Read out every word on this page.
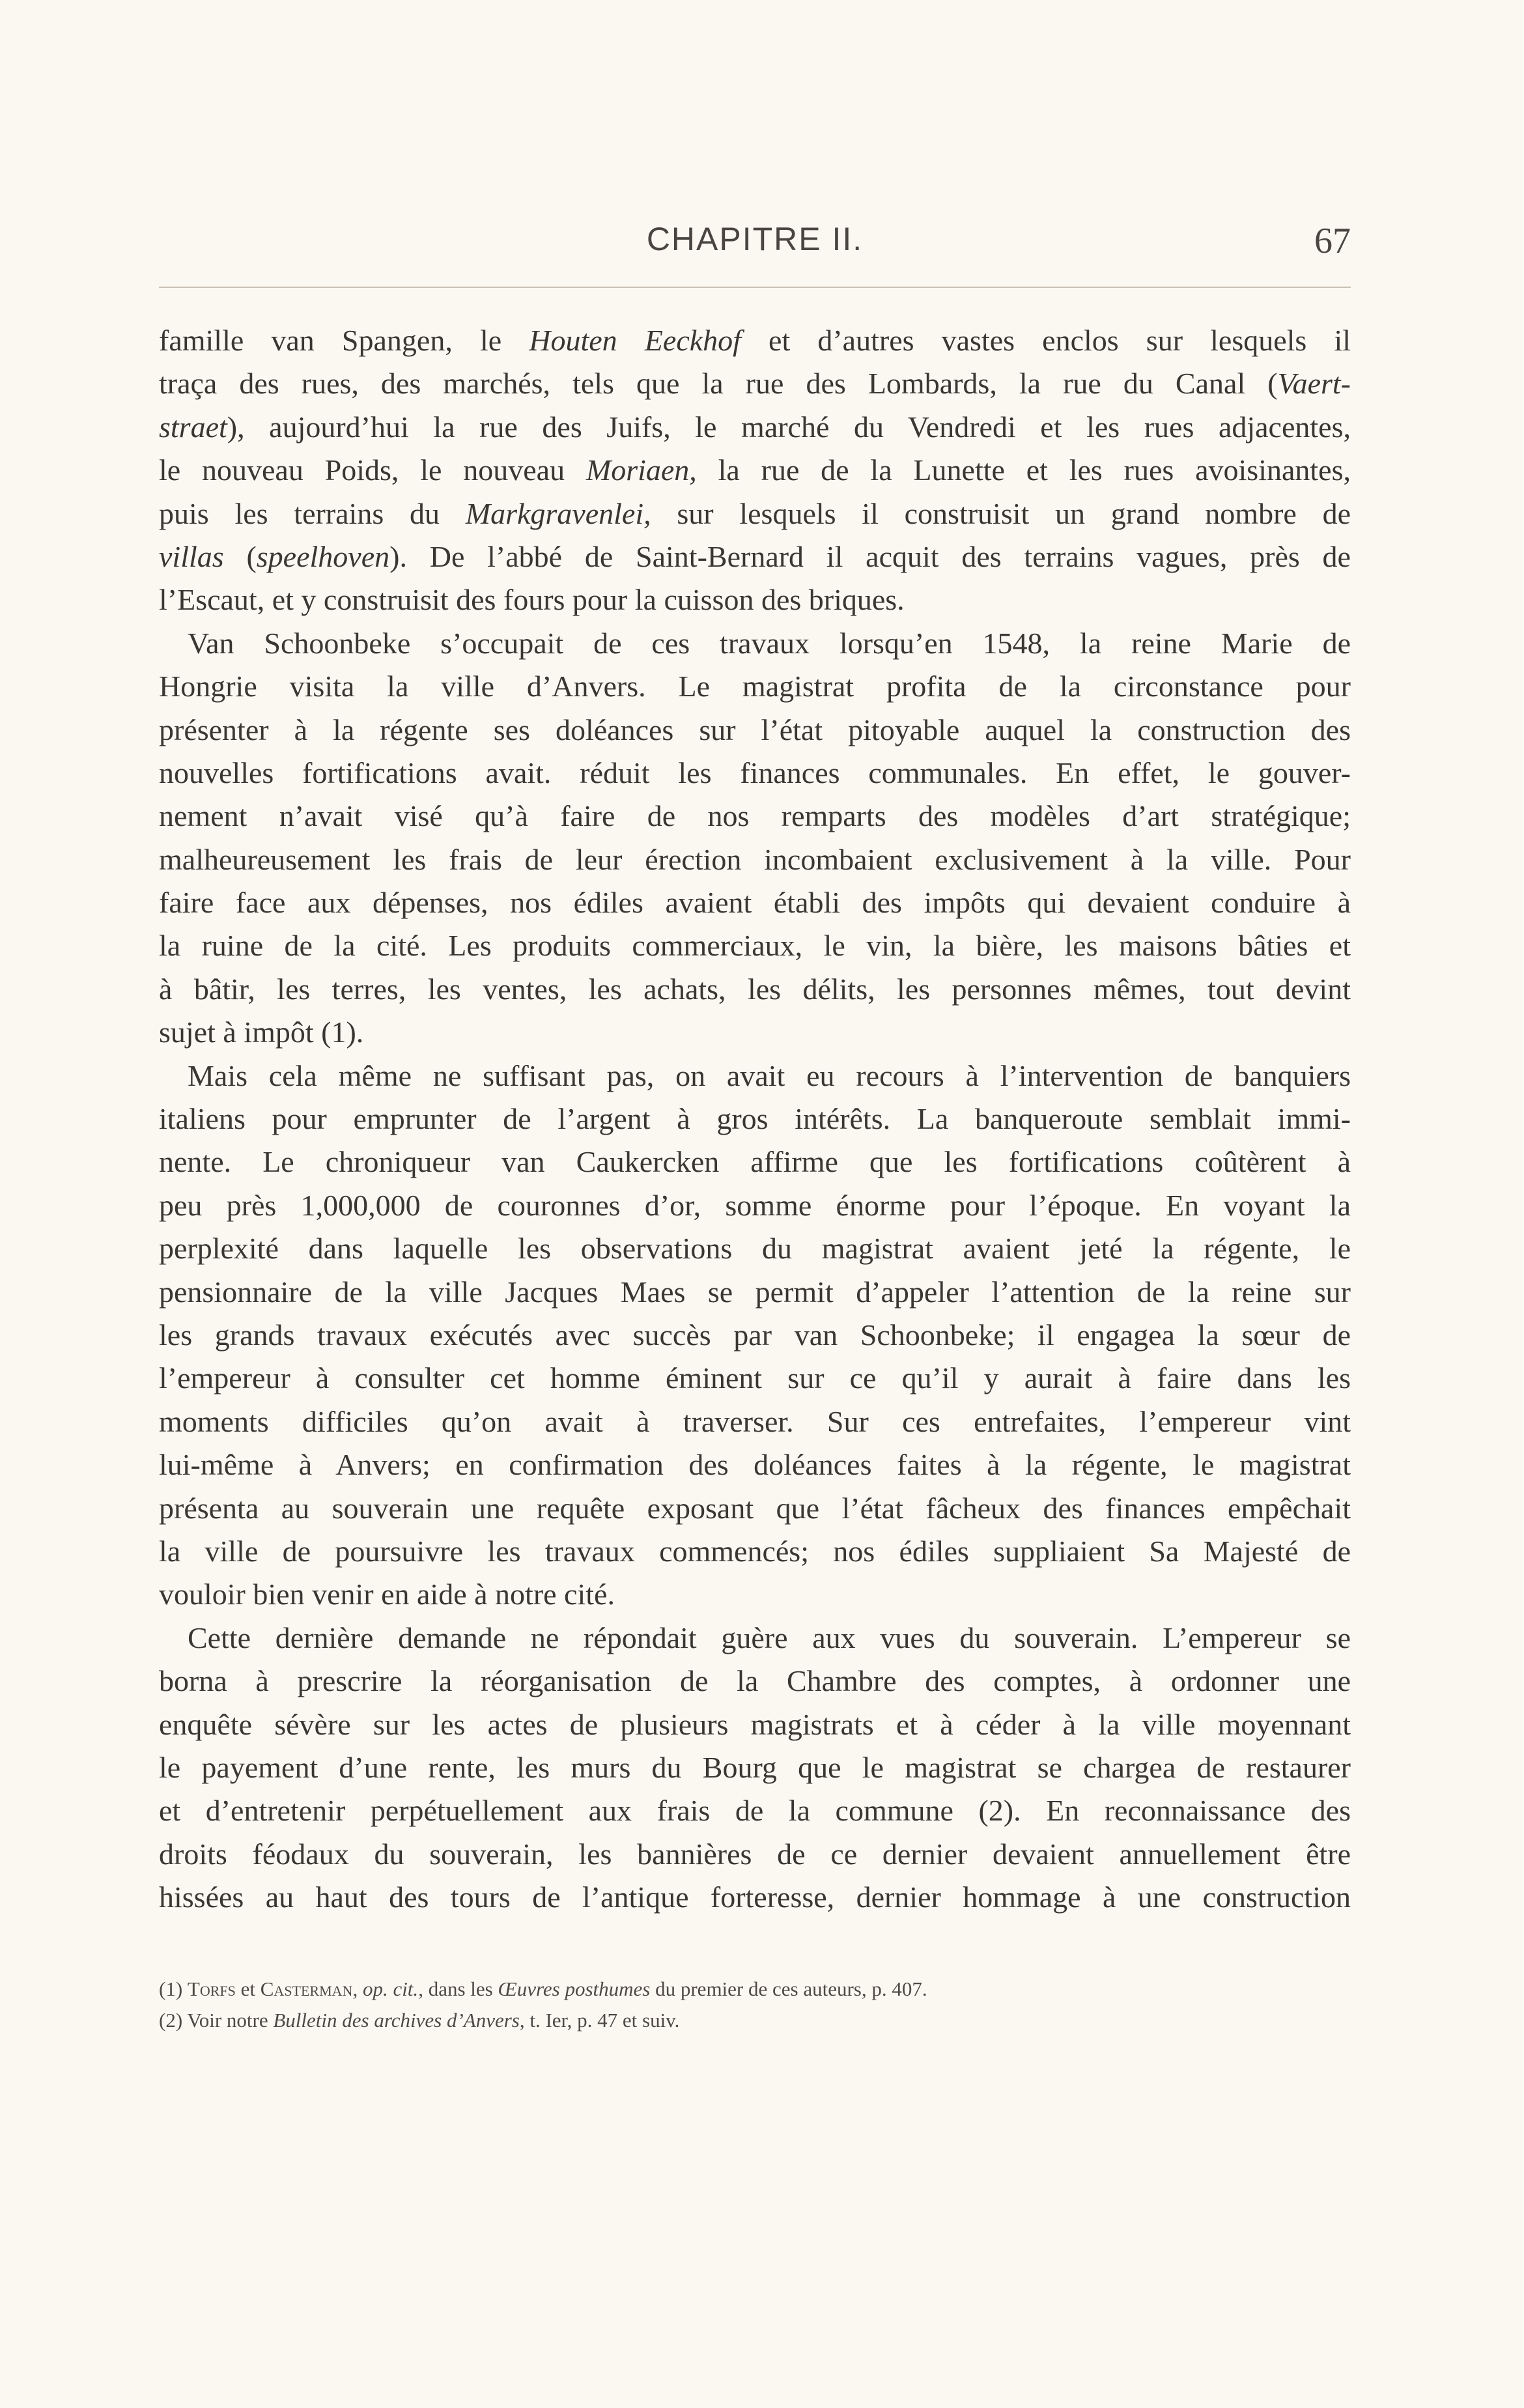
CHAPITRE II.	67
famille van Spangen, le Houten Eeckhof et d’autres vastes enclos sur lesquels il
traça des rues, des marchés, tels que la rue des Lombards, la rue du Canal (Vaert-
straet), aujourd’hui la rue des Juifs, le marché du Vendredi et les rues adjacentes,
le nouveau Poids, le nouveau Moriaen, la rue de la Lunette et les rues avoisinantes,
puis les terrains du Markgravenlei, sur lesquels il construisit un grand nombre de
villas (speelhoven). De l’abbé de Saint-Bernard il acquit des terrains vagues, près de
l’Escaut, et y construisit des fours pour la cuisson des briques.
Van Schoonbeke s’occupait de ces travaux lorsqu’en 1548, la reine Marie de
Hongrie visita la ville d’Anvers. Le magistrat profita de la circonstance pour
présenter à la régente ses doléances sur l’état pitoyable auquel la construction des
nouvelles fortifications avait. réduit les finances communales. En effet, le gouver-
nement n’avait visé qu’à faire de nos remparts des modèles d’art stratégique;
malheureusement les frais de leur érection incombaient exclusivement à la ville. Pour
faire face aux dépenses, nos édiles avaient établi des impôts qui devaient conduire à
la ruine de la cité. Les produits commerciaux, le vin, la bière, les maisons bâties et
à bâtir, les terres, les ventes, les achats, les délits, les personnes mêmes, tout devint
sujet à impôt (1).
Mais cela même ne suffisant pas, on avait eu recours à l’intervention de banquiers
italiens pour emprunter de l’argent à gros intérêts. La banqueroute semblait immi-
nente. Le chroniqueur van Caukercken affirme que les fortifications coûtèrent à
peu près 1,000,000 de couronnes d’or, somme énorme pour l’époque. En voyant la
perplexité dans laquelle les observations du magistrat avaient jeté la régente, le
pensionnaire de la ville Jacques Maes se permit d’appeler l’attention de la reine sur
les grands travaux exécutés avec succès par van Schoonbeke; il engagea la sœur de
l’empereur à consulter cet homme éminent sur ce qu’il y aurait à faire dans les
moments difficiles qu’on avait à traverser. Sur ces entrefaites, l’empereur vint
lui-même à Anvers; en confirmation des doléances faites à la régente, le magistrat
présenta au souverain une requête exposant que l’état fâcheux des finances empêchait
la ville de poursuivre les travaux commencés; nos édiles suppliaient Sa Majesté de
vouloir bien venir en aide à notre cité.
Cette dernière demande ne répondait guère aux vues du souverain. L’empereur se
borna à prescrire la réorganisation de la Chambre des comptes, à ordonner une
enquête sévère sur les actes de plusieurs magistrats et à céder à la ville moyennant
le payement d’une rente, les murs du Bourg que le magistrat se chargea de restaurer
et d’entretenir perpétuellement aux frais de la commune (2). En reconnaissance des
droits féodaux du souverain, les bannières de ce dernier devaient annuellement être
hissées au haut des tours de l’antique forteresse, dernier hommage à une construction
(1) Torfs et Casterman, op. cit., dans les Œuvres posthumes du premier de ces auteurs, p. 407.
(2) Voir notre Bulletin des archives d’Anvers, t. Ier, p. 47 et suiv.
